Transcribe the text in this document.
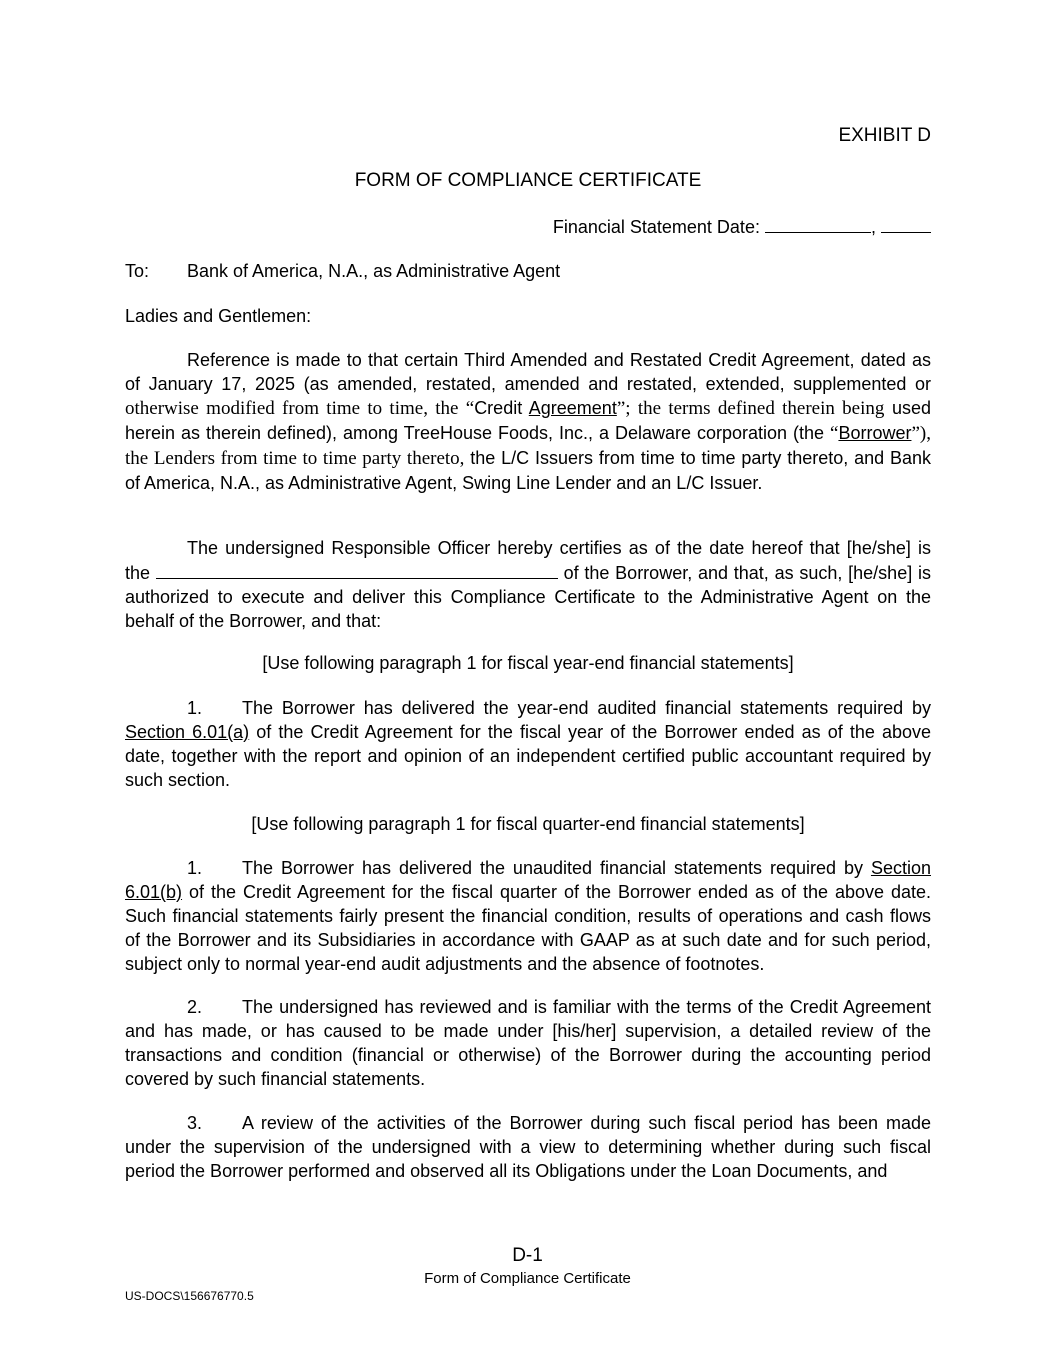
EXHIBIT D
FORM OF COMPLIANCE CERTIFICATE
Financial Statement Date:	,
To: Bank of America, N.A., as Administrative Agent
Ladies and Gentlemen:
Reference is made to that certain Third Amended and Restated Credit Agreement, dated as of January 17, 2025 (as amended, restated, amended and restated, extended, supplemented or otherwise modified from time to time, the “Credit Agreement”; the terms defined therein being used herein as therein defined), among TreeHouse Foods, Inc., a Delaware corporation (the “Borrower”), the Lenders from time to time party thereto, the L/C Issuers from time to time party thereto, and Bank of America, N.A., as Administrative Agent, Swing Line Lender and an L/C Issuer.
The undersigned Responsible Officer hereby certifies as of the date hereof that [he/she] is the	of the Borrower, and that, as such, [he/she] is authorized to execute and deliver this Compliance Certificate to the Administrative Agent on the behalf of the Borrower, and that:
[Use following paragraph 1 for fiscal year-end financial statements]
1. The Borrower has delivered the year-end audited financial statements required by Section 6.01(a) of the Credit Agreement for the fiscal year of the Borrower ended as of the above date, together with the report and opinion of an independent certified public accountant required by such section.
[Use following paragraph 1 for fiscal quarter-end financial statements]
1. The Borrower has delivered the unaudited financial statements required by Section 6.01(b) of the Credit Agreement for the fiscal quarter of the Borrower ended as of the above date. Such financial statements fairly present the financial condition, results of operations and cash flows of the Borrower and its Subsidiaries in accordance with GAAP as at such date and for such period, subject only to normal year-end audit adjustments and the absence of footnotes.
2. The undersigned has reviewed and is familiar with the terms of the Credit Agreement and has made, or has caused to be made under [his/her] supervision, a detailed review of the transactions and condition (financial or otherwise) of the Borrower during the accounting period covered by such financial statements.
3. A review of the activities of the Borrower during such fiscal period has been made under the supervision of the undersigned with a view to determining whether during such fiscal period the Borrower performed and observed all its Obligations under the Loan Documents, and
D-1
Form of Compliance Certificate
US-DOCS\156676770.5
